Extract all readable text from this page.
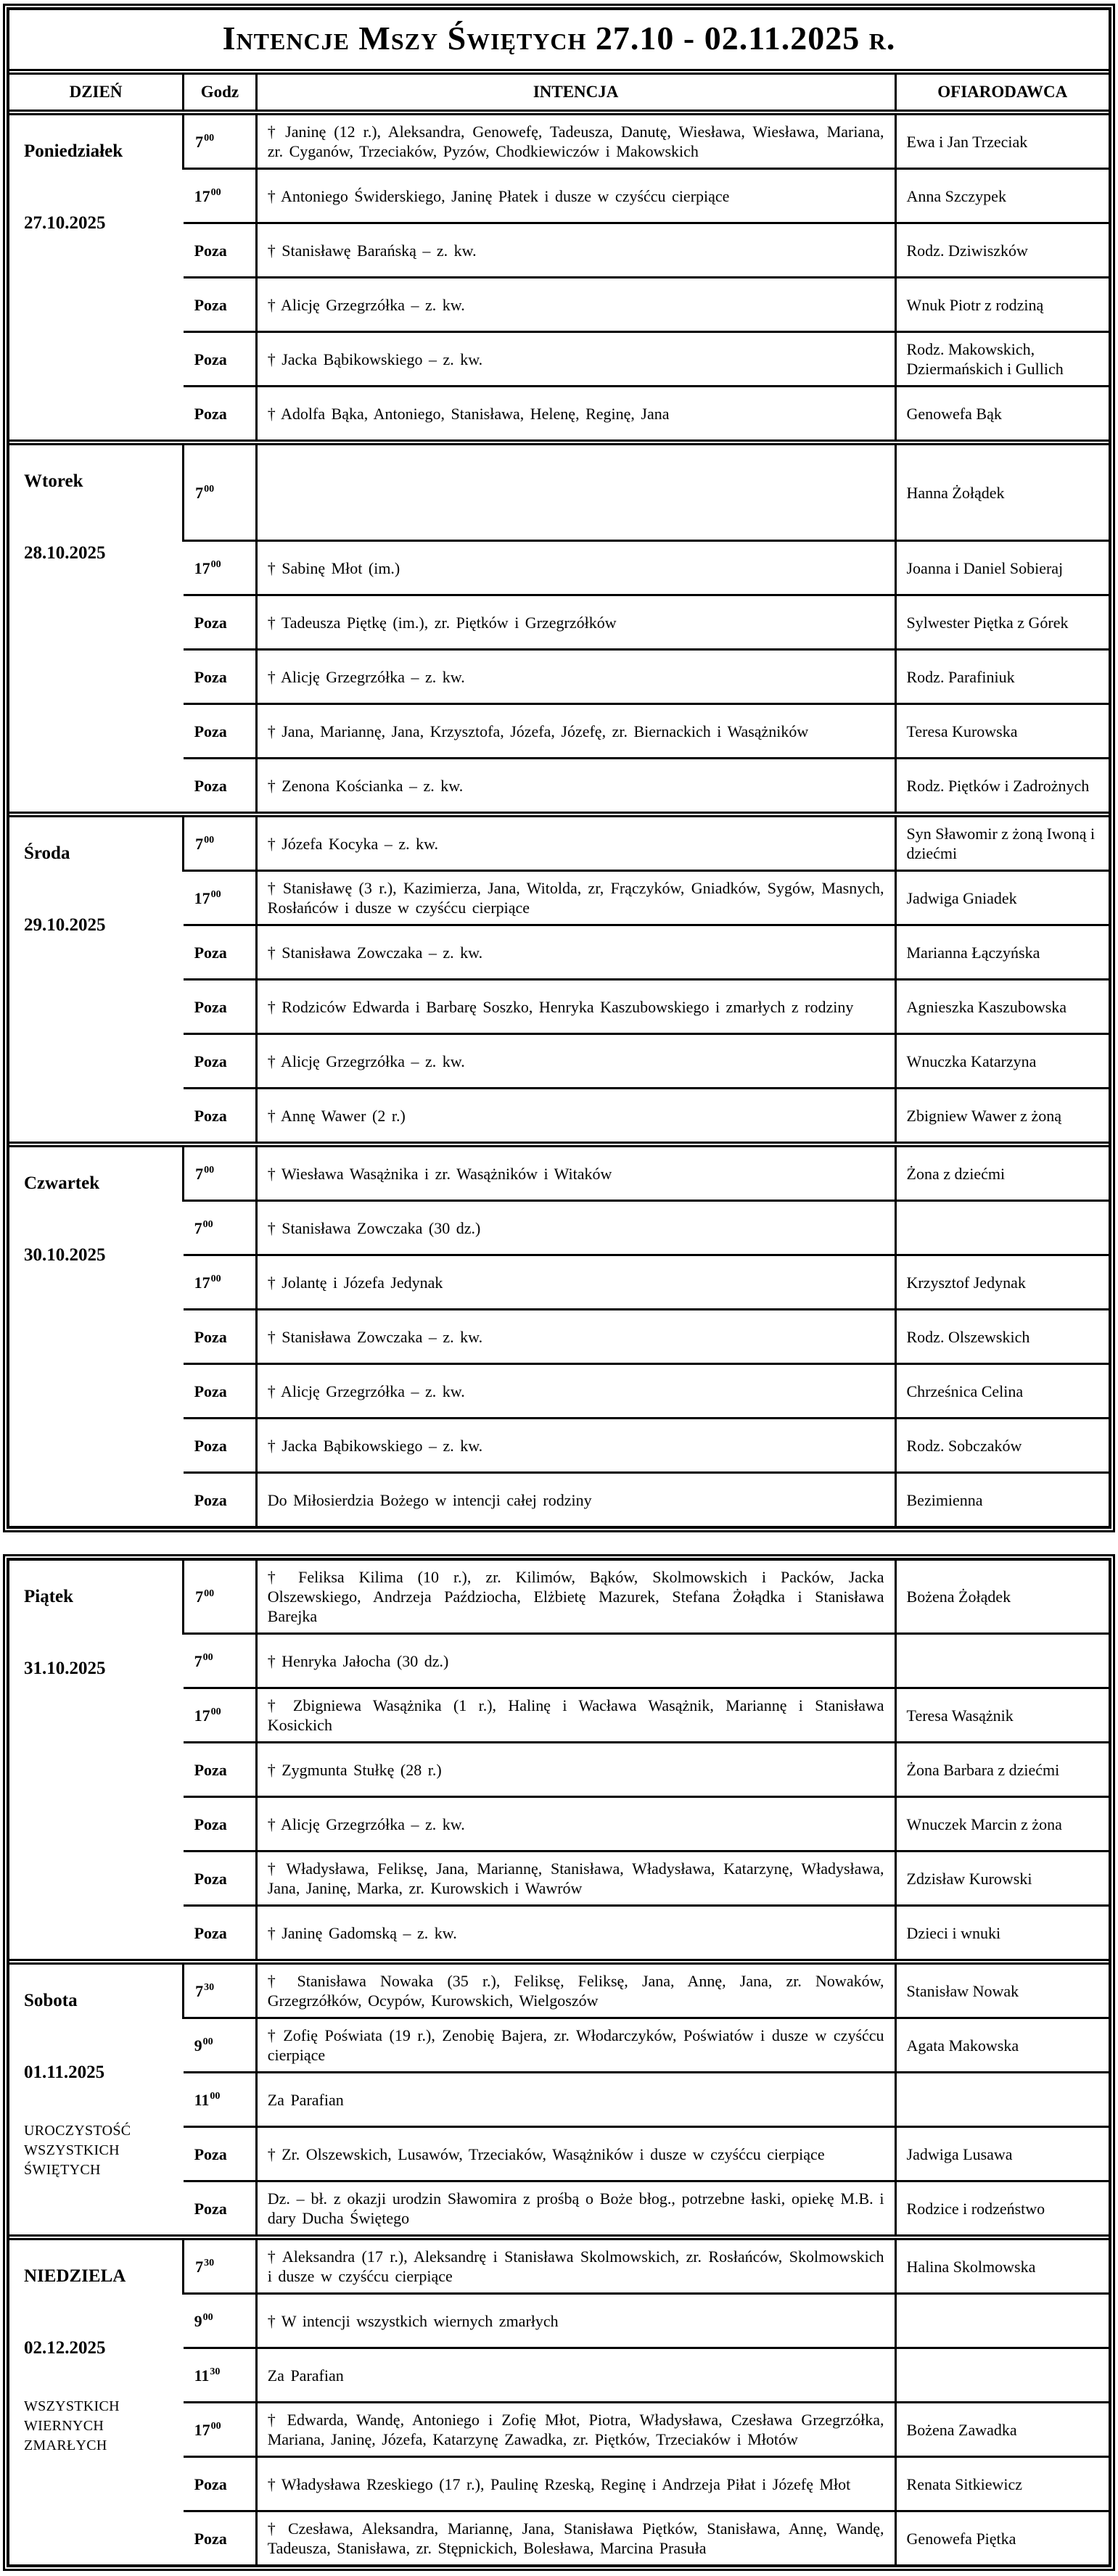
Intencje Mszy Świętych 27.10 - 02.11.2025 r.			
DZIEŃ	Godz	INTENCJA	OFIARODAWCA

Poniedziałek
27.10.2025	$7^{00}$	† Janinę (12 r.), Aleksandra, Genowefę, Tadeusza, Danutę, Wiesława, Wiesława, Mariana, zr. Cyganów, Trzeciaków, Pyzów, Chodkiewiczów i Makowskich	Ewa i Jan Trzeciak
	$17^{00}$	† Antoniego Świderskiego, Janinę Płatek i dusze w czyśćcu cierpiące	Anna Szczypek
	Poza	† Stanisławę Barańską – z. kw.	Rodz. Dziwiszków
	Poza	† Alicję Grzegrzółka – z. kw.	Wnuk Piotr z rodziną
	Poza	† Jacka Bąbikowskiego – z. kw.	Rodz. Makowskich, Dziermańskich i Gullich
	Poza	† Adolfa Bąka, Antoniego, Stanisława, Helenę, Reginę, Jana	Genowefa Bąk

Wtorek
28.10.2025	$7^{00}$		Hanna Żołądek
	$17^{00}$	† Sabinę Młot (im.)	Joanna i Daniel Sobieraj
	Poza	† Tadeusza Piętkę (im.), zr. Piętków i Grzegrzółków	Sylwester Piętka z Górek
	Poza	† Alicję Grzegrzółka – z. kw.	Rodz. Parafiniuk
	Poza	† Jana, Mariannę, Jana, Krzysztofa, Józefa, Józefę, zr. Biernackich i Wasążników	Teresa Kurowska
	Poza	† Zenona Kościanka – z. kw.	Rodz. Piętków i Zadrożnych

Środa
29.10.2025	$7^{00}$	† Józefa Kocyka – z. kw.	Syn Sławomir z żoną Iwoną i dziećmi
	$17^{00}$	† Stanisławę (3 r.), Kazimierza, Jana, Witolda, zr, Frączyków, Gniadków, Sygów, Masnych, Rosłańców i dusze w czyśćcu cierpiące	Jadwiga Gniadek
	Poza	† Stanisława Zowczaka – z. kw.	Marianna Łączyńska
	Poza	† Rodziców Edwarda i Barbarę Soszko, Henryka Kaszubowskiego i zmarłych z rodziny	Agnieszka Kaszubowska
	Poza	† Alicję Grzegrzółka – z. kw.	Wnuczka Katarzyna
	Poza	† Annę Wawer (2 r.)	Zbigniew Wawer z żoną

Czwartek
30.10.2025	$7^{00}$	† Wiesława Wasążnika i zr. Wasążników i Witaków	Żona z dziećmi
	$7^{00}$	† Stanisława Zowczaka (30 dz.)	
	$17^{00}$	† Jolantę i Józefa Jedynak	Krzysztof Jedynak
	Poza	† Stanisława Zowczaka – z. kw.	Rodz. Olszewskich
	Poza	† Alicję Grzegrzółka – z. kw.	Chrześnica Celina
	Poza	† Jacka Bąbikowskiego – z. kw.	Rodz. Sobczaków
	Poza	Do Miłosierdzia Bożego w intencji całej rodziny	Bezimienna
Piątek
31.10.2025	$7^{00}$	† Feliksa Kilima (10 r.), zr. Kilimów, Bąków, Skolmowskich i Packów, Jacka Olszewskiego, Andrzeja Paździocha, Elżbietę Mazurek, Stefana Żołądka i Stanisława Barejka	Bożena Żołądek
	$7^{00}$	† Henryka Jałocha (30 dz.)	
	$17^{00}$	† Zbigniewa Wasążnika (1 r.), Halinę i Wacława Wasążnik, Mariannę i Stanisława Kosickich	Teresa Wasążnik
	Poza	† Zygmunta Stułkę (28 r.)	Żona Barbara z dziećmi
	Poza	† Alicję Grzegrzółka – z. kw.	Wnuczek Marcin z żona
	Poza	† Władysława, Feliksę, Jana, Mariannę, Stanisława, Władysława, Katarzynę, Władysława, Jana, Janinę, Marka, zr. Kurowskich i Wawrów	Zdzisław Kurowski
	Poza	† Janinę Gadomską – z. kw.	Dzieci i wnuki

Sobota
01.11.2025
UROCZYSTOŚĆ WSZYSTKICH ŚWIĘTYCH	$7^{30}$	† Stanisława Nowaka (35 r.), Feliksę, Feliksę, Jana, Annę, Jana, zr. Nowaków, Grzegrzółków, Ocypów, Kurowskich, Wielgoszów	Stanisław Nowak
	$9^{00}$	† Zofię Poświata (19 r.), Zenobię Bajera, zr. Włodarczyków, Poświatów i dusze w czyśćcu cierpiące	Agata Makowska
	$11^{00}$	Za Parafian	
	Poza	† Zr. Olszewskich, Lusawów, Trzeciaków, Wasążników i dusze w czyśćcu cierpiące	Jadwiga Lusawa
	Poza	Dz. – bł. z okazji urodzin Sławomira z prośbą o Boże błog., potrzebne łaski, opiekę M.B. i dary Ducha Świętego	Rodzice i rodzeństwo

NIEDZIELA
02.12.2025
WSZYSTKICH WIERNYCH ZMARŁYCH	$7^{30}$	† Aleksandra (17 r.), Aleksandrę i Stanisława Skolmowskich, zr. Rosłańców, Skolmowskich i dusze w czyśćcu cierpiące	Halina Skolmowska
	$9^{00}$	† W intencji wszystkich wiernych zmarłych	
	$11^{30}$	Za Parafian	
	$17^{00}$	† Edwarda, Wandę, Antoniego i Zofię Młot, Piotra, Władysława, Czesława Grzegrzółka, Mariana, Janinę, Józefa, Katarzynę Zawadka, zr. Piętków, Trzeciaków i Młotów	Bożena Zawadka
	Poza	† Władysława Rzeskiego (17 r.), Paulinę Rzeską, Reginę i Andrzeja Piłat i Józefę Młot	Renata Sitkiewicz
	Poza	† Czesława, Aleksandra, Mariannę, Jana, Stanisława Piętków, Stanisława, Annę, Wandę, Tadeusza, Stanisława, zr. Stępnickich, Bolesława, Marcina Prasuła	Genowefa Piętka
